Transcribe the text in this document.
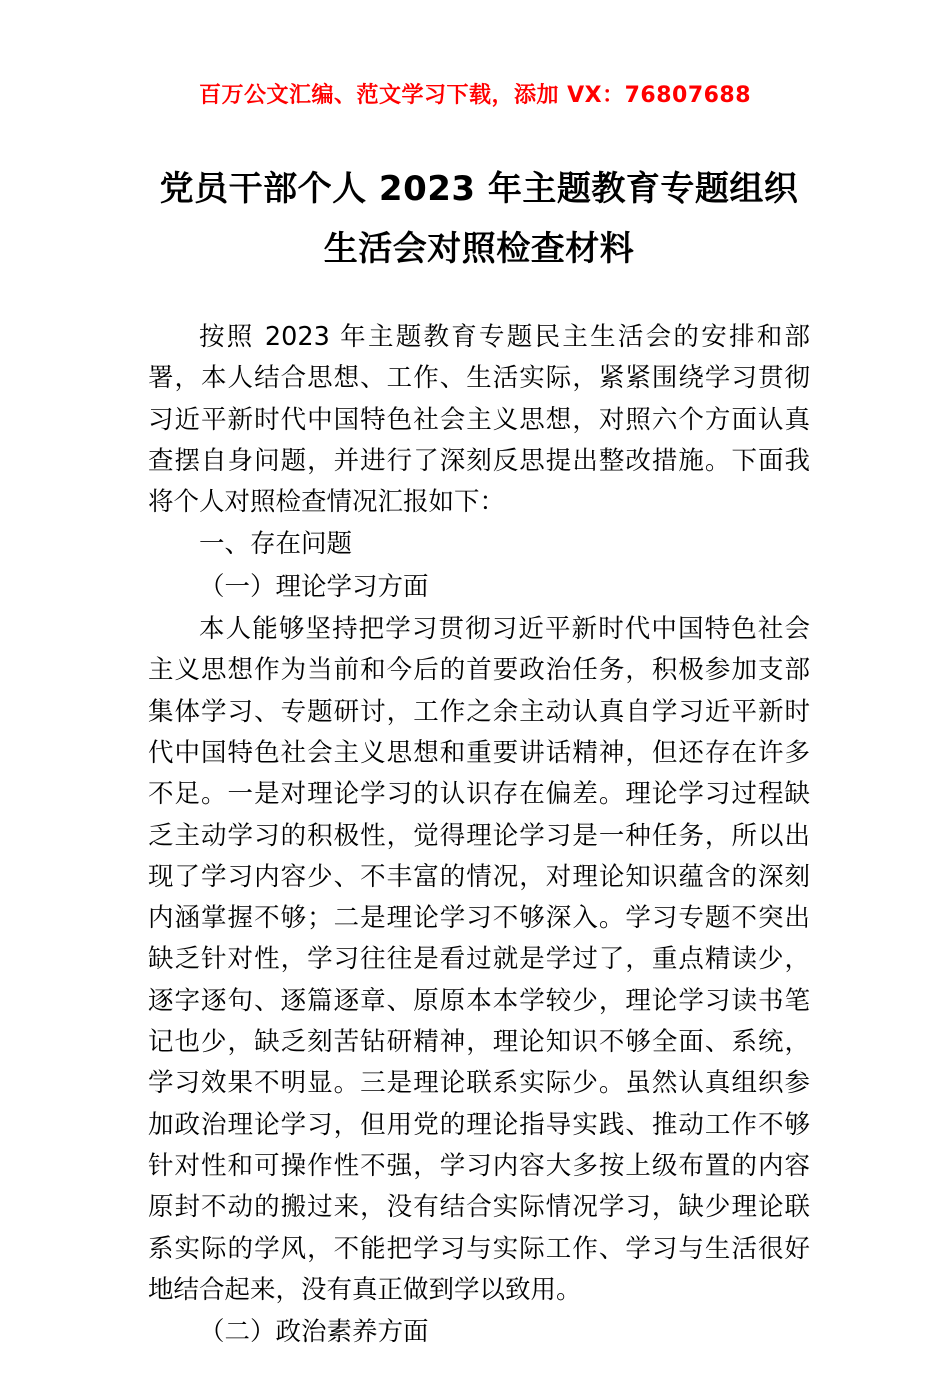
百万公文汇编、范文学习下载，添加 VX：76807688
党员干部个人 2023 年主题教育专题组织生活会对照检查材料

按照 2023 年主题教育专题民主生活会的安排和部署，本人结合思想、工作、生活实际，紧紧围绕学习贯彻习近平新时代中国特色社会主义思想，对照六个方面认真查摆自身问题，并进行了深刻反思提出整改措施。下面我将个人对照检查情况汇报如下：

一、存在问题

（一）理论学习方面

本人能够坚持把学习贯彻习近平新时代中国特色社会主义思想作为当前和今后的首要政治任务，积极参加支部集体学习、专题研讨，工作之余主动认真自学习近平新时代中国特色社会主义思想和重要讲话精神，但还存在许多不足。一是对理论学习的认识存在偏差。理论学习过程缺乏主动学习的积极性，觉得理论学习是一种任务，所以出现了学习内容少、不丰富的情况，对理论知识蕴含的深刻内涵掌握不够；二是理论学习不够深入。学习专题不突出缺乏针对性，学习往往是看过就是学过了，重点精读少，逐字逐句、逐篇逐章、原原本本学较少，理论学习读书笔记也少，缺乏刻苦钻研精神，理论知识不够全面、系统，学习效果不明显。三是理论联系实际少。虽然认真组织参加政治理论学习，但用党的理论指导实践、推动工作不够针对性和可操作性不强，学习内容大多按上级布置的内容原封不动的搬过来，没有结合实际情况学习，缺少理论联系实际的学风，不能把学习与实际工作、学习与生活很好地结合起来，没有真正做到学以致用。

（二）政治素养方面
